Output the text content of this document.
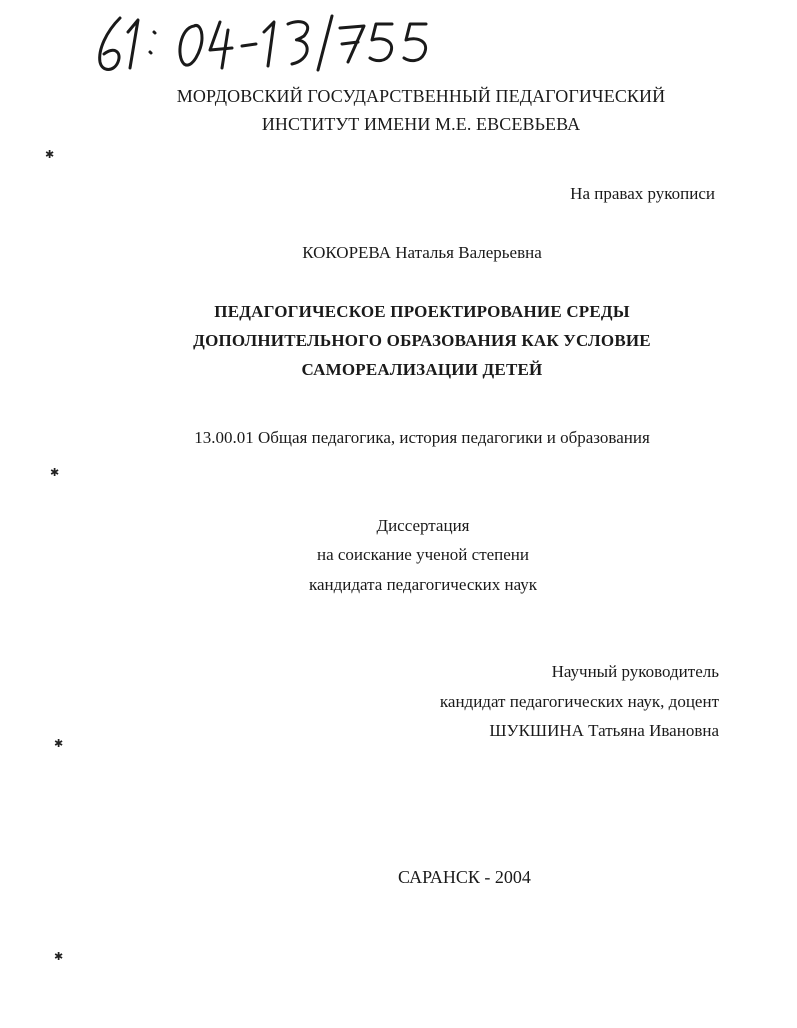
МОРДОВСКИЙ ГОСУДАРСТВЕННЫЙ ПЕДАГОГИЧЕСКИЙ
ИНСТИТУТ ИМЕНИ М.Е. ЕВСЕВЬЕВА
На правах рукописи
КОКОРЕВА Наталья Валерьевна
ПЕДАГОГИЧЕСКОЕ ПРОЕКТИРОВАНИЕ СРЕДЫ
ДОПОЛНИТЕЛЬНОГО ОБРАЗОВАНИЯ КАК УСЛОВИЕ
САМОРЕАЛИЗАЦИИ ДЕТЕЙ
13.00.01 Общая педагогика, история педагогики и образования
Диссертация
на соискание ученой степени
кандидата педагогических наук
Научный руководитель
кандидат педагогических наук, доцент
ШУКШИНА Татьяна Ивановна
САРАНСК - 2004
✱
✱
✱
✱
